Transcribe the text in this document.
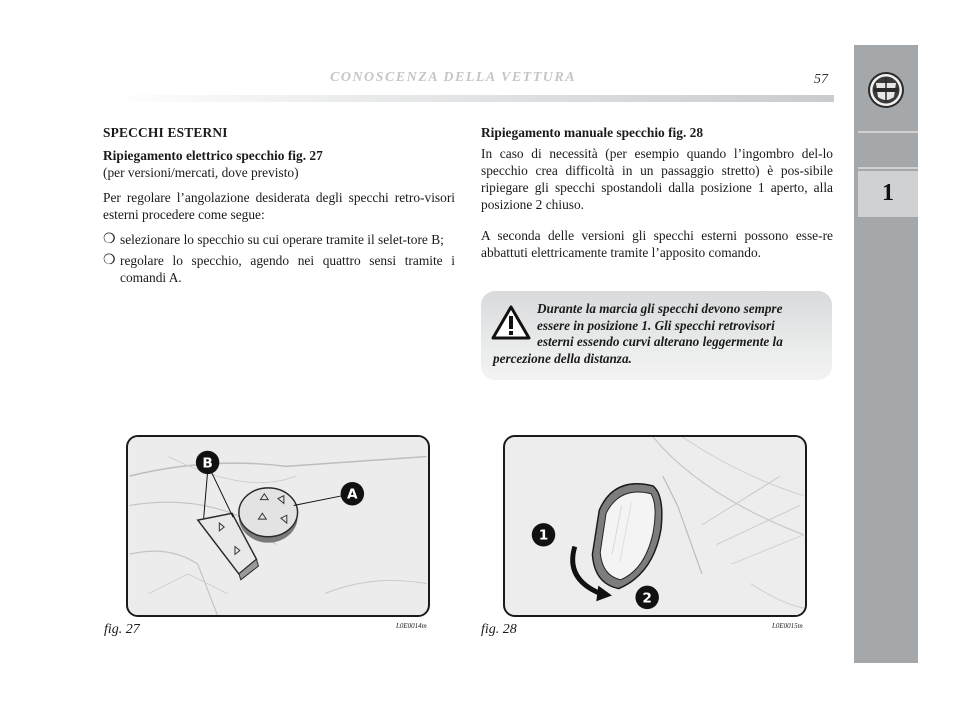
CONOSCENZA DELLA VETTURA	57
1
SPECCHI ESTERNI
Ripiegamento elettrico specchio fig. 27

(per versioni/mercati, dove previsto)

Per regolare l’angolazione desiderata degli specchi retro-visori esterni procedere come segue:

❍ selezionare lo specchio su cui operare tramite il selet-tore B;
❍ regolare lo specchio, agendo nei quattro sensi tramite i comandi A.
Ripiegamento manuale specchio fig. 28

In caso di necessità (per esempio quando l’ingombro del-lo specchio crea difficoltà in un passaggio stretto) è pos-sibile ripiegare gli specchi spostandoli dalla posizione 1 aperto, alla posizione 2 chiuso.

A seconda delle versioni gli specchi esterni possono esse-re abbattuti elettricamente tramite l’apposito comando.

Durante la marcia gli specchi devono sempre
essere in posizione 1. Gli specchi retrovisori
esterni essendo curvi alterano leggermente la
percezione della distanza.
B
A
fig. 27	L0E0014m
1
2
fig. 28	L0E0015m
